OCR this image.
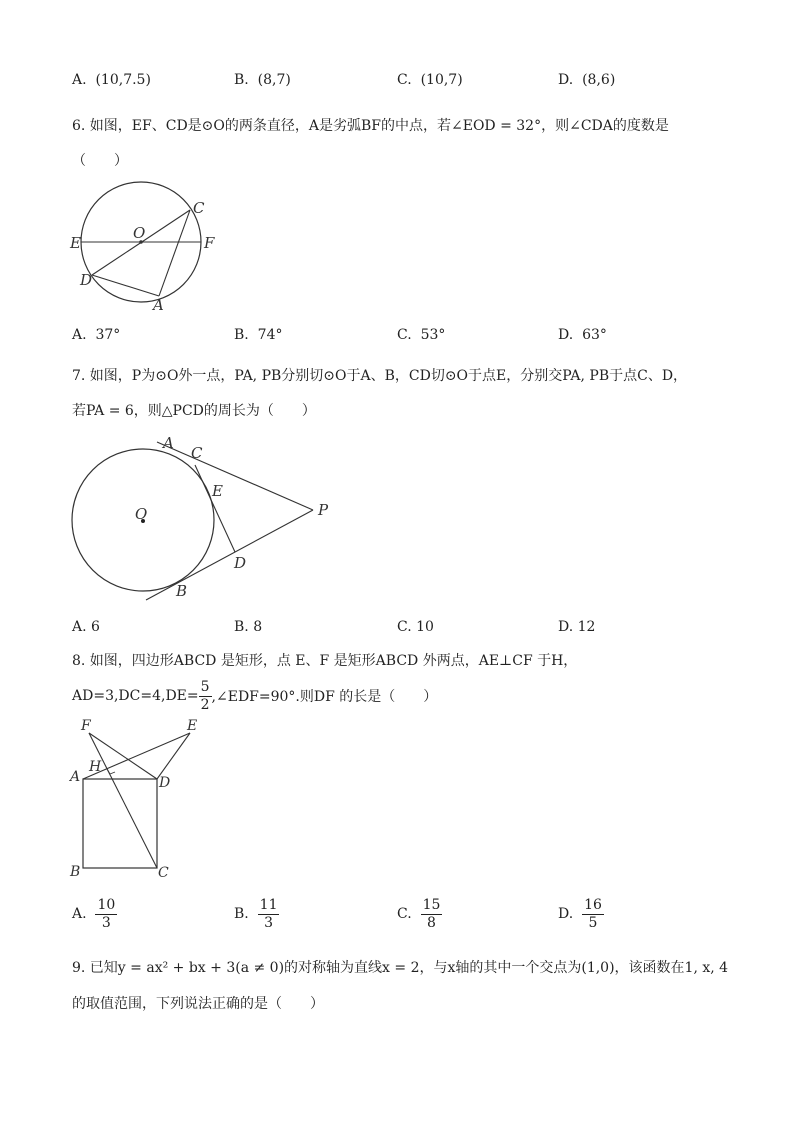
A. (10,7.5)	B. (8,7)	C. (10,7)	D. (8,6)
6. 如图，EF、CD是⊙O的两条直径，A是劣弧BF的中点，若∠EOD = 32°，则∠CDA的度数是
（　　）
C
O
E	F
D
A
A. 37°	B. 74°	C. 53°	D. 63°
7. 如图，P为⊙O外一点，PA, PB分别切⊙O于A、B，CD切⊙O于点E，分别交PA, PB于点C、D，
若PA = 6，则△PCD的周长为（　　）
A
C
E
O	P
D
B
A. 6	B. 8	C. 10	D. 12
8. 如图，四边形ABCD 是矩形，点 E、F 是矩形ABCD 外两点，AE⊥CF 于H，
$AD=3,DC=4,DE= \frac{5}{2}$ ,∠EDF=90°.则DF 的长是（　　）
F	E
H
A	D
B	C
A.
$\frac{10}{3}$	B.
$\frac{11}{3}$	C.
$\frac{15}{8}$	D.
$\frac{16}{5}$
9. 已知y = ax² + bx + 3(a ≠ 0)的对称轴为直线x = 2，与x轴的其中一个交点为(1,0)，该函数在1, x, 4
的取值范围，下列说法正确的是（　　）
